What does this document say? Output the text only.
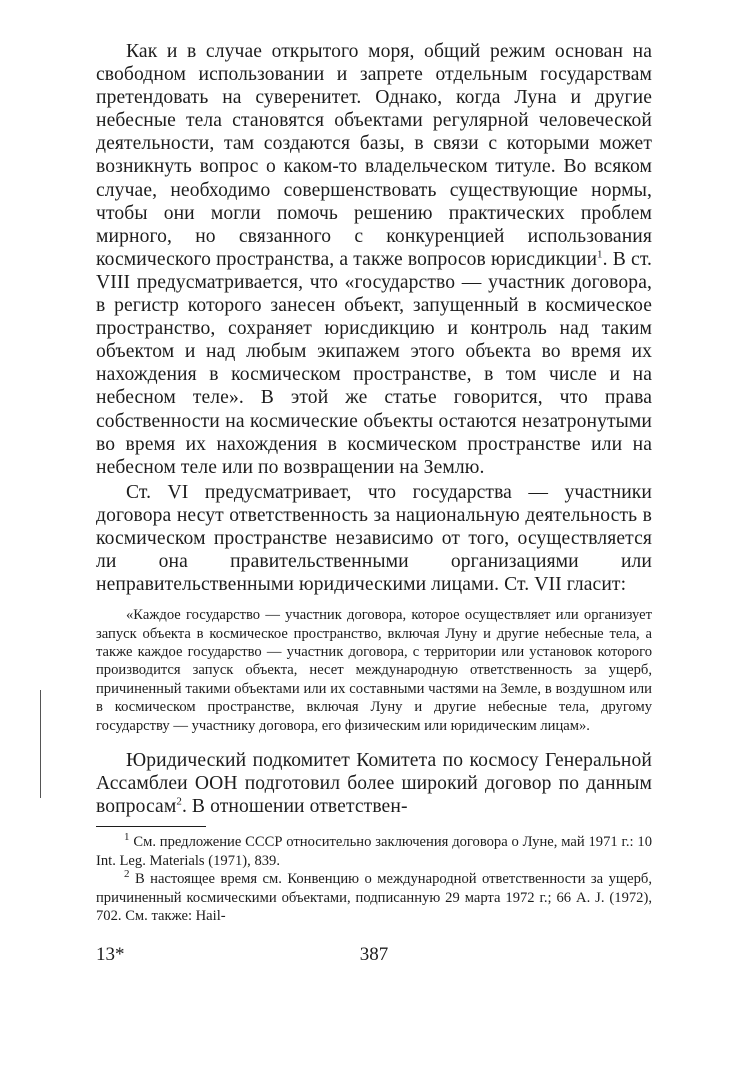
Как и в случае открытого моря, общий режим основан на свободном использовании и запрете отдельным государствам претендовать на суверенитет. Однако, когда Луна и другие небесные тела становятся объектами регулярной человеческой деятельности, там создаются базы, в связи с которыми может возникнуть вопрос о каком-то владельческом титуле. Во всяком случае, необходимо совершенствовать существующие нормы, чтобы они могли помочь решению практических проблем мирного, но связанного с конкуренцией использования космического пространства, а также вопросов юрисдикции$^1$. В ст. VIII предусматривается, что «государство — участник договора, в регистр которого занесен объект, запущенный в космическое пространство, сохраняет юрисдикцию и контроль над таким объектом и над любым экипажем этого объекта во время их нахождения в космическом пространстве, в том числе и на небесном теле». В этой же статье говорится, что права собственности на космические объекты остаются незатронутыми во время их нахождения в космическом пространстве или на небесном теле или по возвращении на Землю.

Ст. VI предусматривает, что государства — участники договора несут ответственность за национальную деятельность в космическом пространстве независимо от того, осуществляется ли она правительственными организациями или неправительственными юридическими лицами. Ст. VII гласит:

«Каждое государство — участник договора, которое осуществляет или организует запуск объекта в космическое пространство, включая Луну и другие небесные тела, а также каждое государство — участник договора, с территории или установок которого производится запуск объекта, несет международную ответственность за ущерб, причиненный такими объектами или их составными частями на Земле, в воздушном или в космическом пространстве, включая Луну и другие небесные тела, другому государству — участнику договора, его физическим или юридическим лицам».

Юридический подкомитет Комитета по космосу Генеральной Ассамблеи ООН подготовил более широкий договор по данным вопросам$^2$. В отношении ответствен-

$^1$ См. предложение СССР относительно заключения договора о Луне, май 1971 г.: 10 Int. Leg. Materials (1971), 839.

$^2$ В настоящее время см. Конвенцию о международной ответственности за ущерб, причиненный космическими объектами, подписанную 29 марта 1972 г.; 66 A. J. (1972), 702. См. также: Hail-

13*	387
